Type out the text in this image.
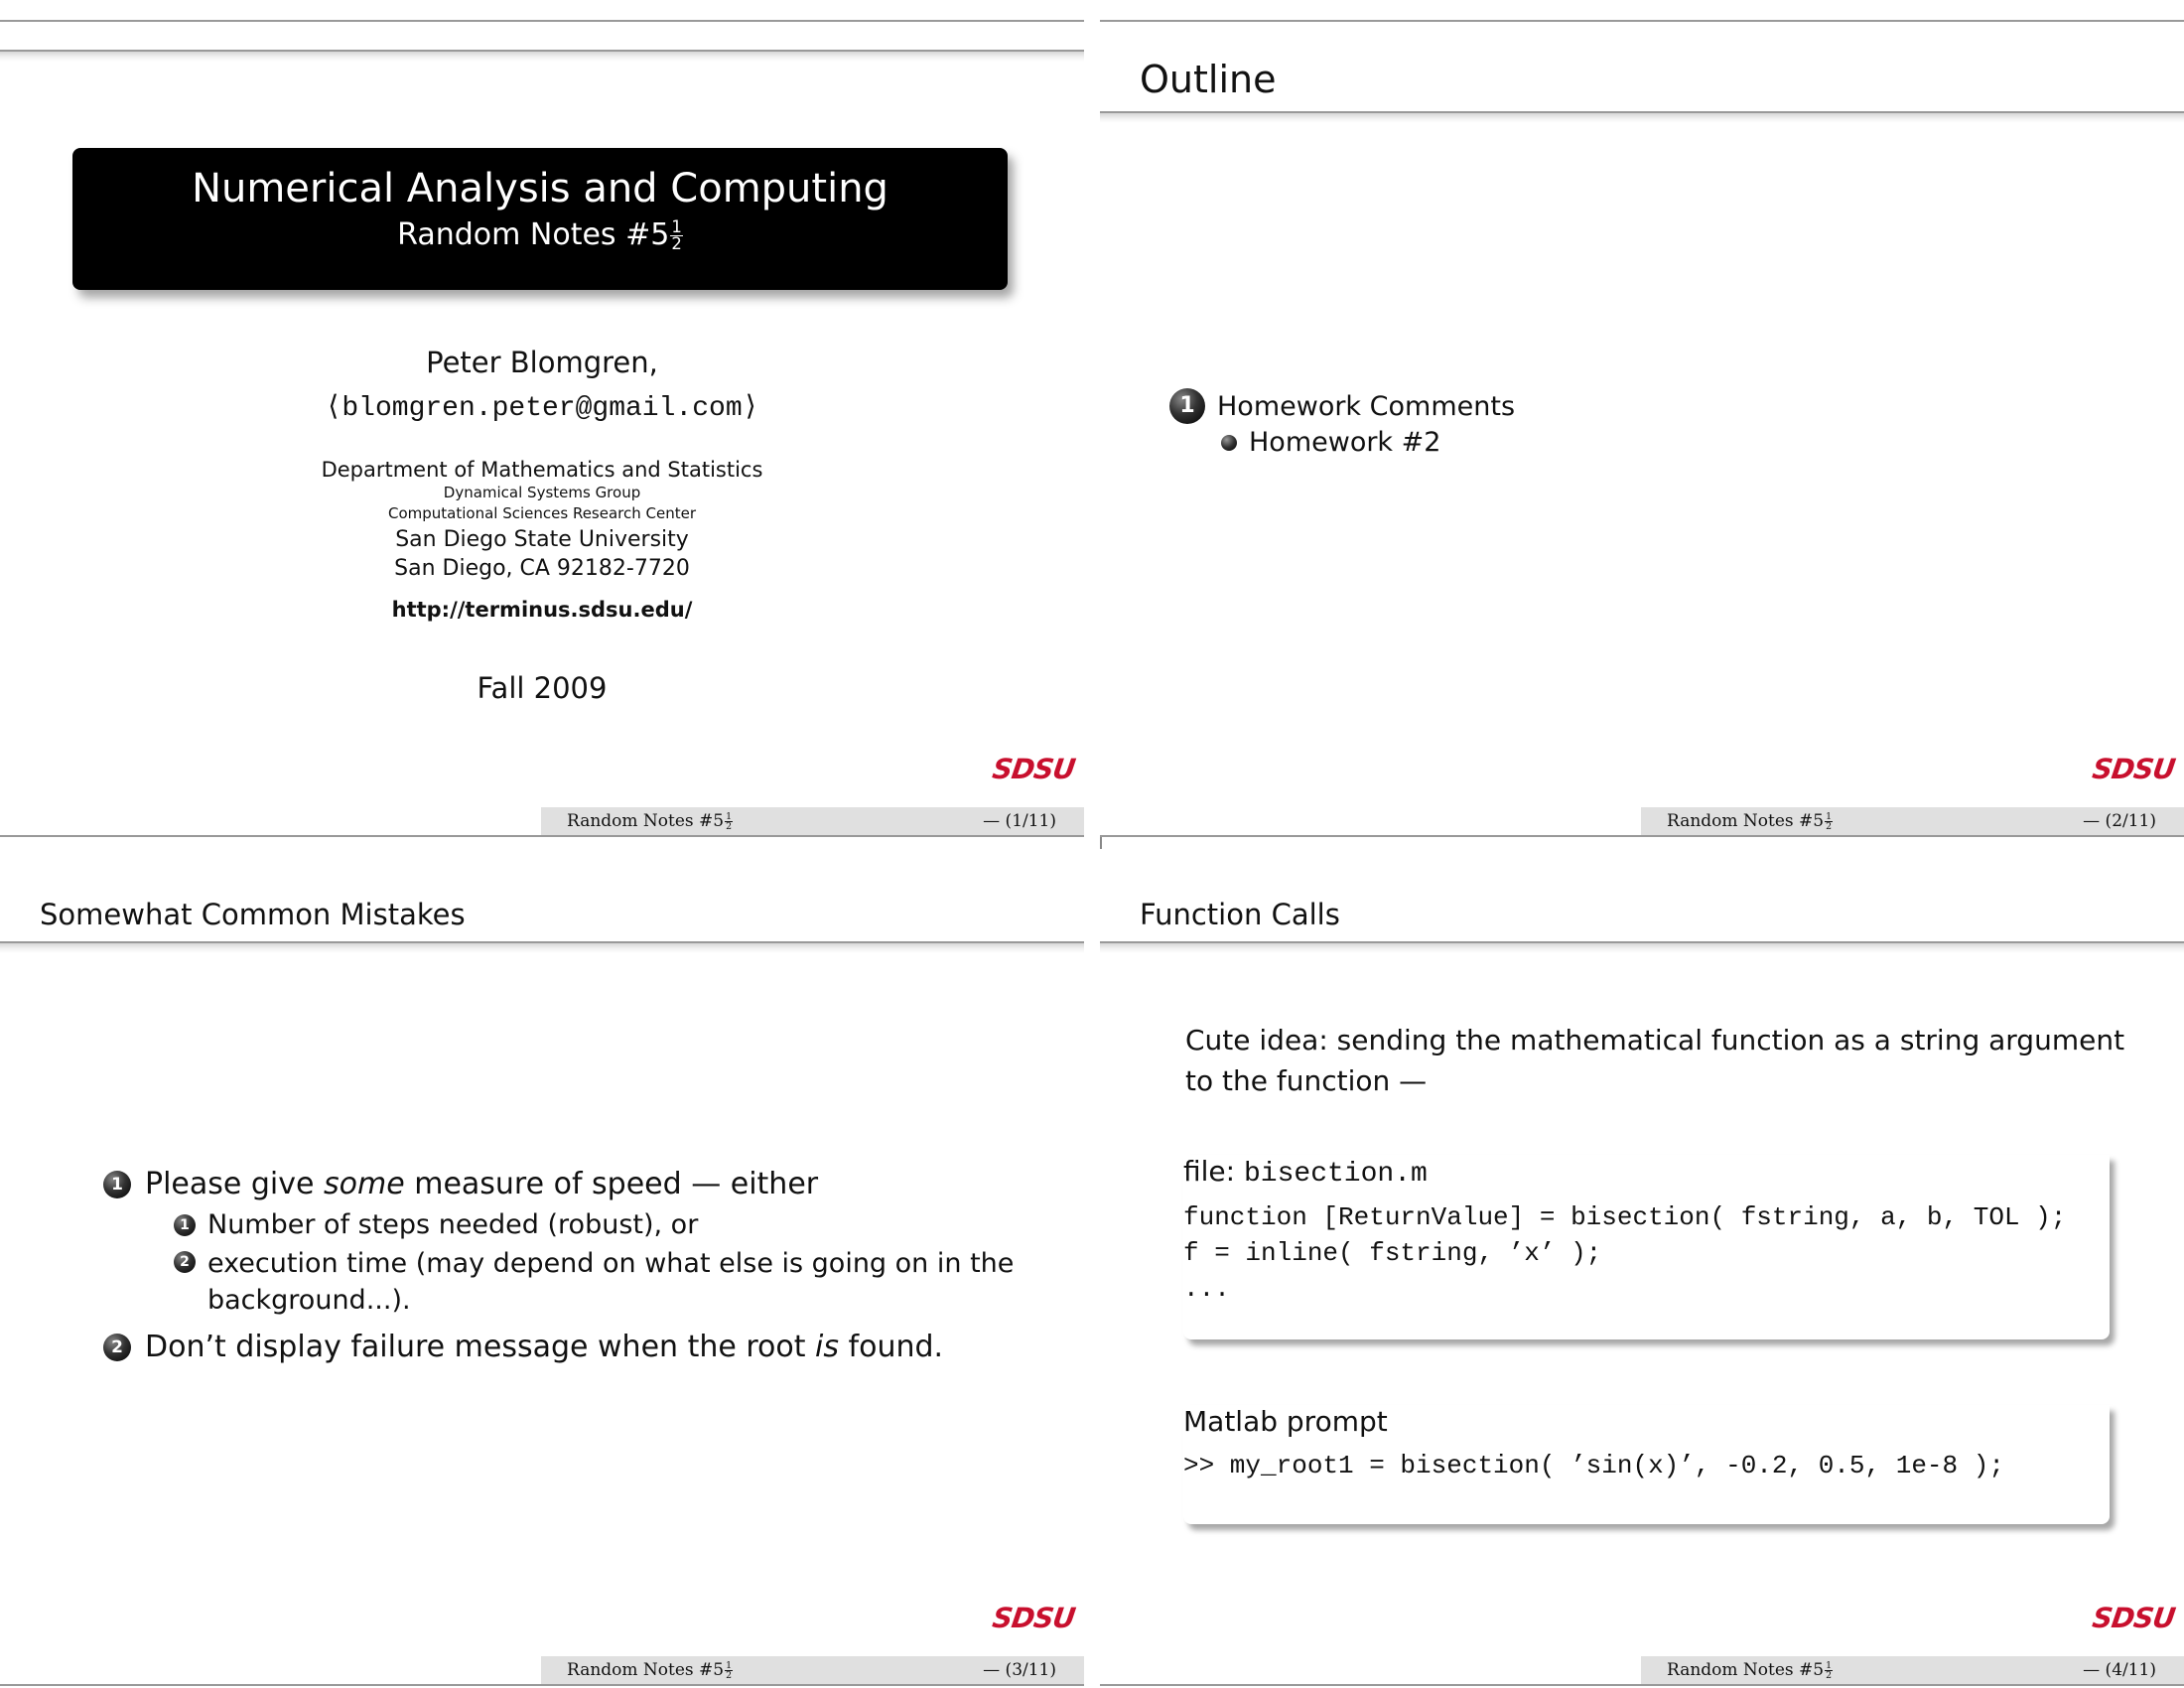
Numerical Analysis and Computing
Random Notes #5 $\frac{1}{2}$
Peter Blomgren,
⟨blomgren.peter@gmail.com⟩
Department of Mathematics and Statistics
Dynamical Systems Group
Computational Sciences Research Center
San Diego State University
San Diego, CA 92182-7720
http://terminus.sdsu.edu/
Fall 2009
SDSU
Random Notes #5 $\frac{1}{2}$	— (1/11)
Outline
1 Homework Comments
Homework #2
SDSU
Random Notes #5 $\frac{1}{2}$	— (2/11)
Somewhat Common Mistakes
1 Please give some measure of speed — either
1 Number of steps needed (robust), or
2 execution time (may depend on what else is going on in the
background...).
2 Don’t display failure message when the root is found.
SDSU
Random Notes #5 $\frac{1}{2}$	— (3/11)
Function Calls
Cute idea: sending the mathematical function as a string argument
to the function —
file: bisection.m
function [ReturnValue] = bisection( fstring, a, b, TOL );
f = inline( fstring, ’x’ );
...
Matlab prompt
>> my_root1 = bisection( ’sin(x)’, -0.2, 0.5, 1e-8 );
SDSU
Random Notes #5 $\frac{1}{2}$	— (4/11)
